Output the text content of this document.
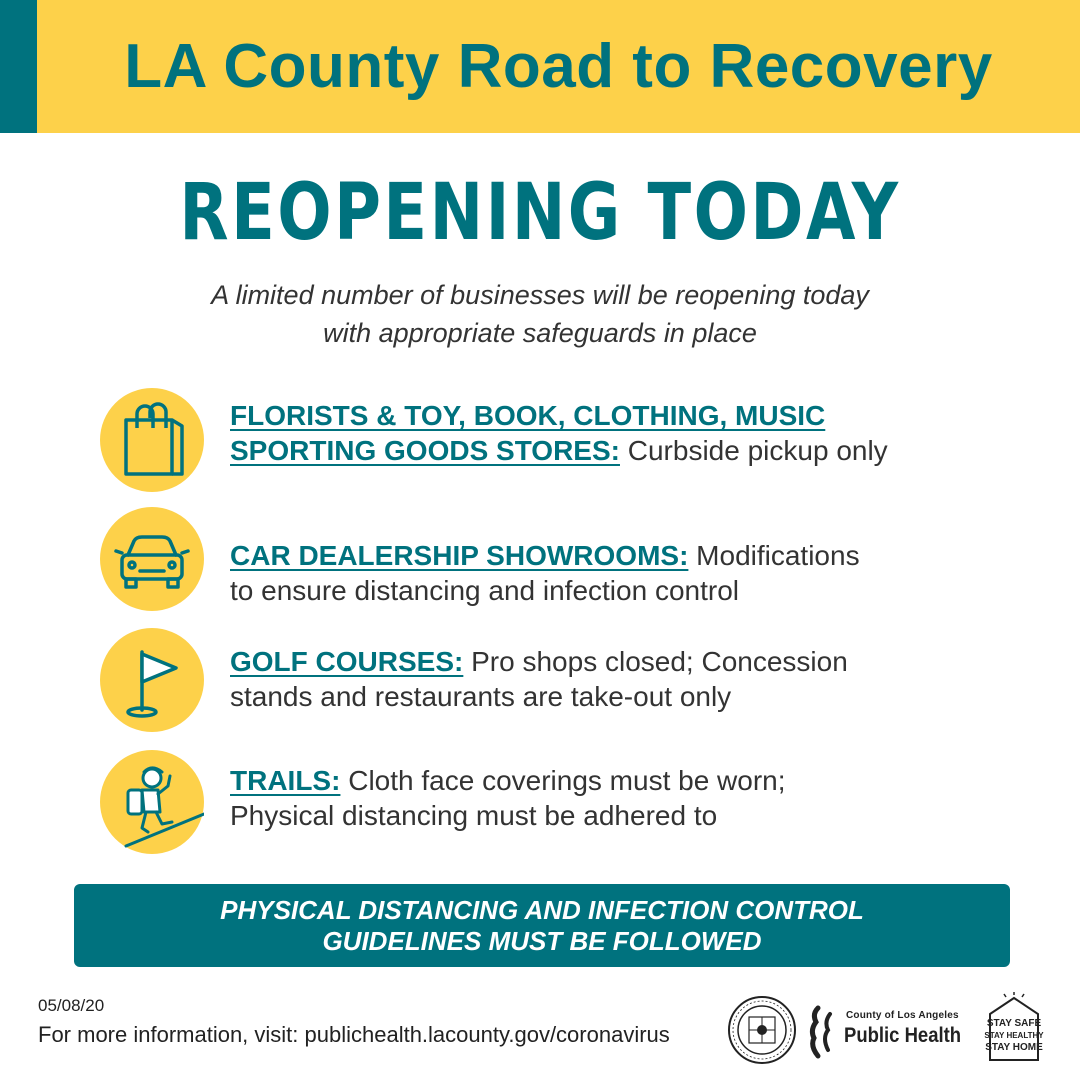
LA County Road to Recovery
REOPENING TODAY
A limited number of businesses will be reopening today
with appropriate safeguards in place
FLORISTS & TOY, BOOK, CLOTHING, MUSIC
SPORTING GOODS STORES: Curbside pickup only
CAR DEALERSHIP SHOWROOMS: Modifications
to ensure distancing and infection control
GOLF COURSES: Pro shops closed; Concession
stands and restaurants are take-out only
TRAILS: Cloth face coverings must be worn;
Physical distancing must be adhered to
PHYSICAL DISTANCING AND INFECTION CONTROL
GUIDELINES MUST BE FOLLOWED
05/08/20
For more information, visit: publichealth.lacounty.gov/coronavirus
County of Los Angeles
Public Health
STAY SAFE
STAY HEALTHY
STAY HOME
